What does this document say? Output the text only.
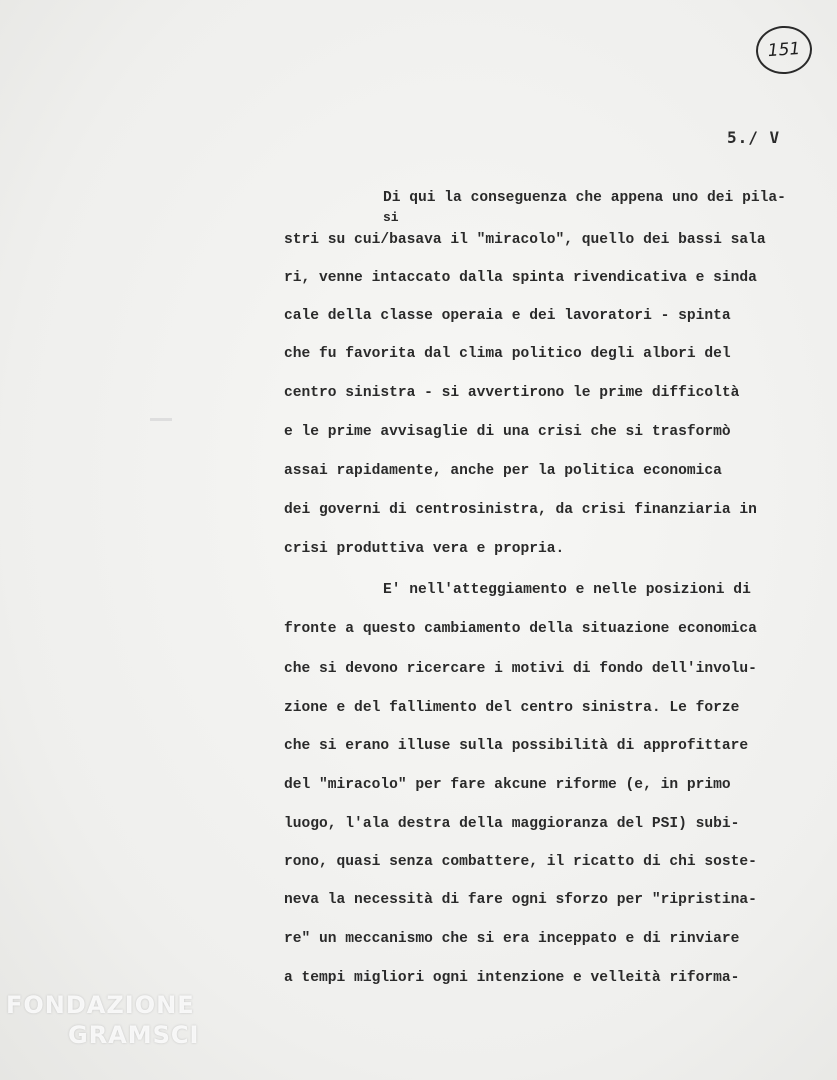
151
5./ V
Di qui la conseguenza che appena uno dei pila-
si
stri su cui/basava il "miracolo", quello dei bassi sala
ri, venne intaccato dalla spinta rivendicativa e sinda
cale della classe operaia e dei lavoratori - spinta
che fu favorita dal clima politico degli albori del
centro sinistra - si avvertirono le prime difficoltà
e le prime avvisaglie di una crisi che si trasformò
assai rapidamente, anche per la politica economica
dei governi di centrosinistra, da crisi finanziaria in
crisi produttiva vera e propria.
E' nell'atteggiamento e nelle posizioni di
fronte a questo cambiamento della situazione economica
che si devono ricercare i motivi di fondo dell'involu-
zione e del fallimento del centro sinistra. Le forze
che si erano illuse sulla possibilità di approfittare
del "miracolo" per fare akcune riforme (e, in primo
luogo, l'ala destra della maggioranza del PSI) subi-
rono, quasi senza combattere, il ricatto di chi soste-
neva la necessità di fare ogni sforzo per "ripristina-
re" un meccanismo che si era inceppato e di rinviare
a tempi migliori ogni intenzione e velleità riforma-
FONDAZIONE
GRAMSCI
